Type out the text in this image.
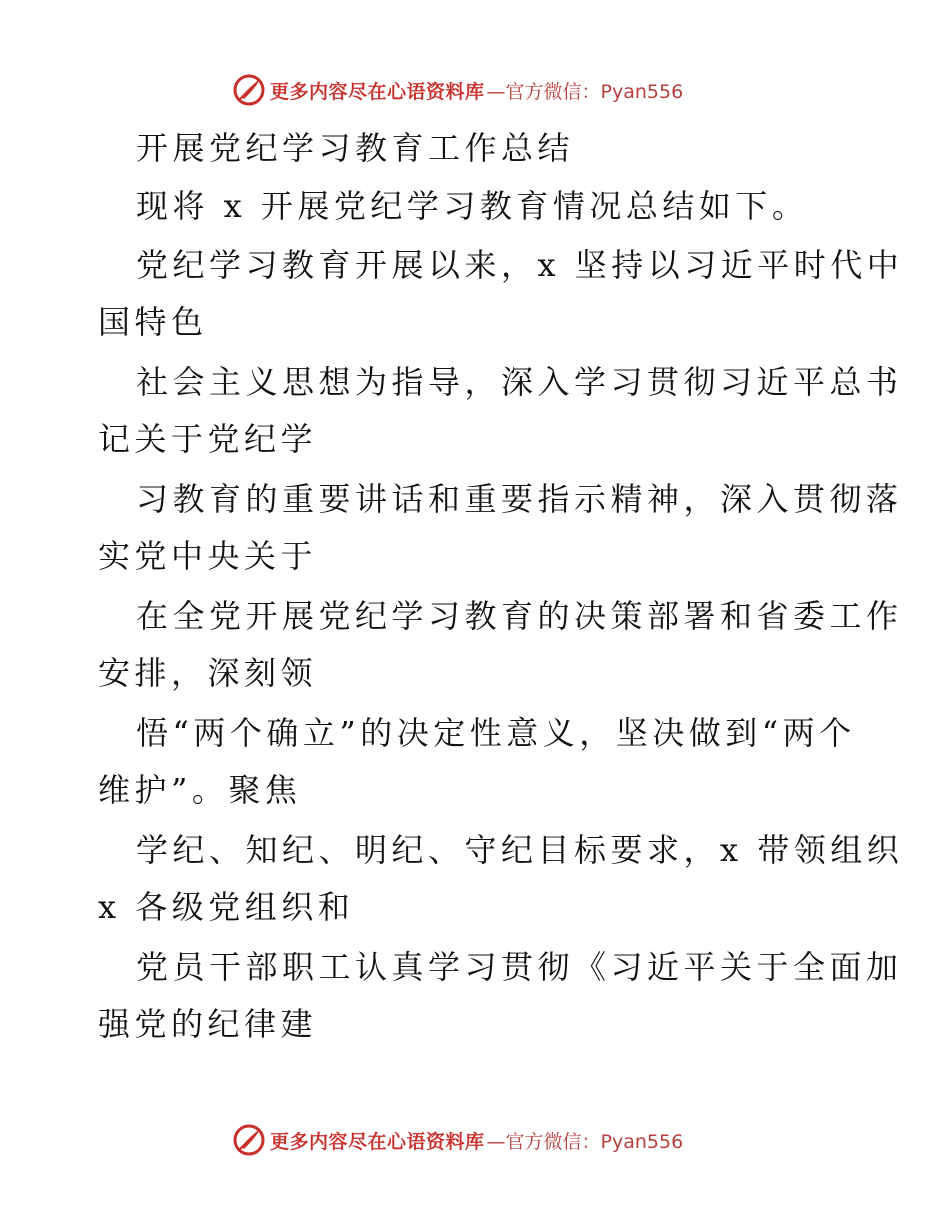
更多内容尽在心语资料库 —官方微信：Pyan556
开展党纪学习教育工作总结
现将 x 开展党纪学习教育情况总结如下。
党纪学习教育开展以来，x 坚持以习近平时代中
国特色
社会主义思想为指导，深入学习贯彻习近平总书
记关于党纪学
习教育的重要讲话和重要指示精神，深入贯彻落
实党中央关于
在全党开展党纪学习教育的决策部署和省委工作
安排，深刻领
悟“两个确立”的决定性意义，坚决做到“两个
维护”。聚焦
学纪、知纪、明纪、守纪目标要求，x 带领组织
x 各级党组织和
党员干部职工认真学习贯彻《习近平关于全面加
强党的纪律建
更多内容尽在心语资料库 —官方微信：Pyan556
